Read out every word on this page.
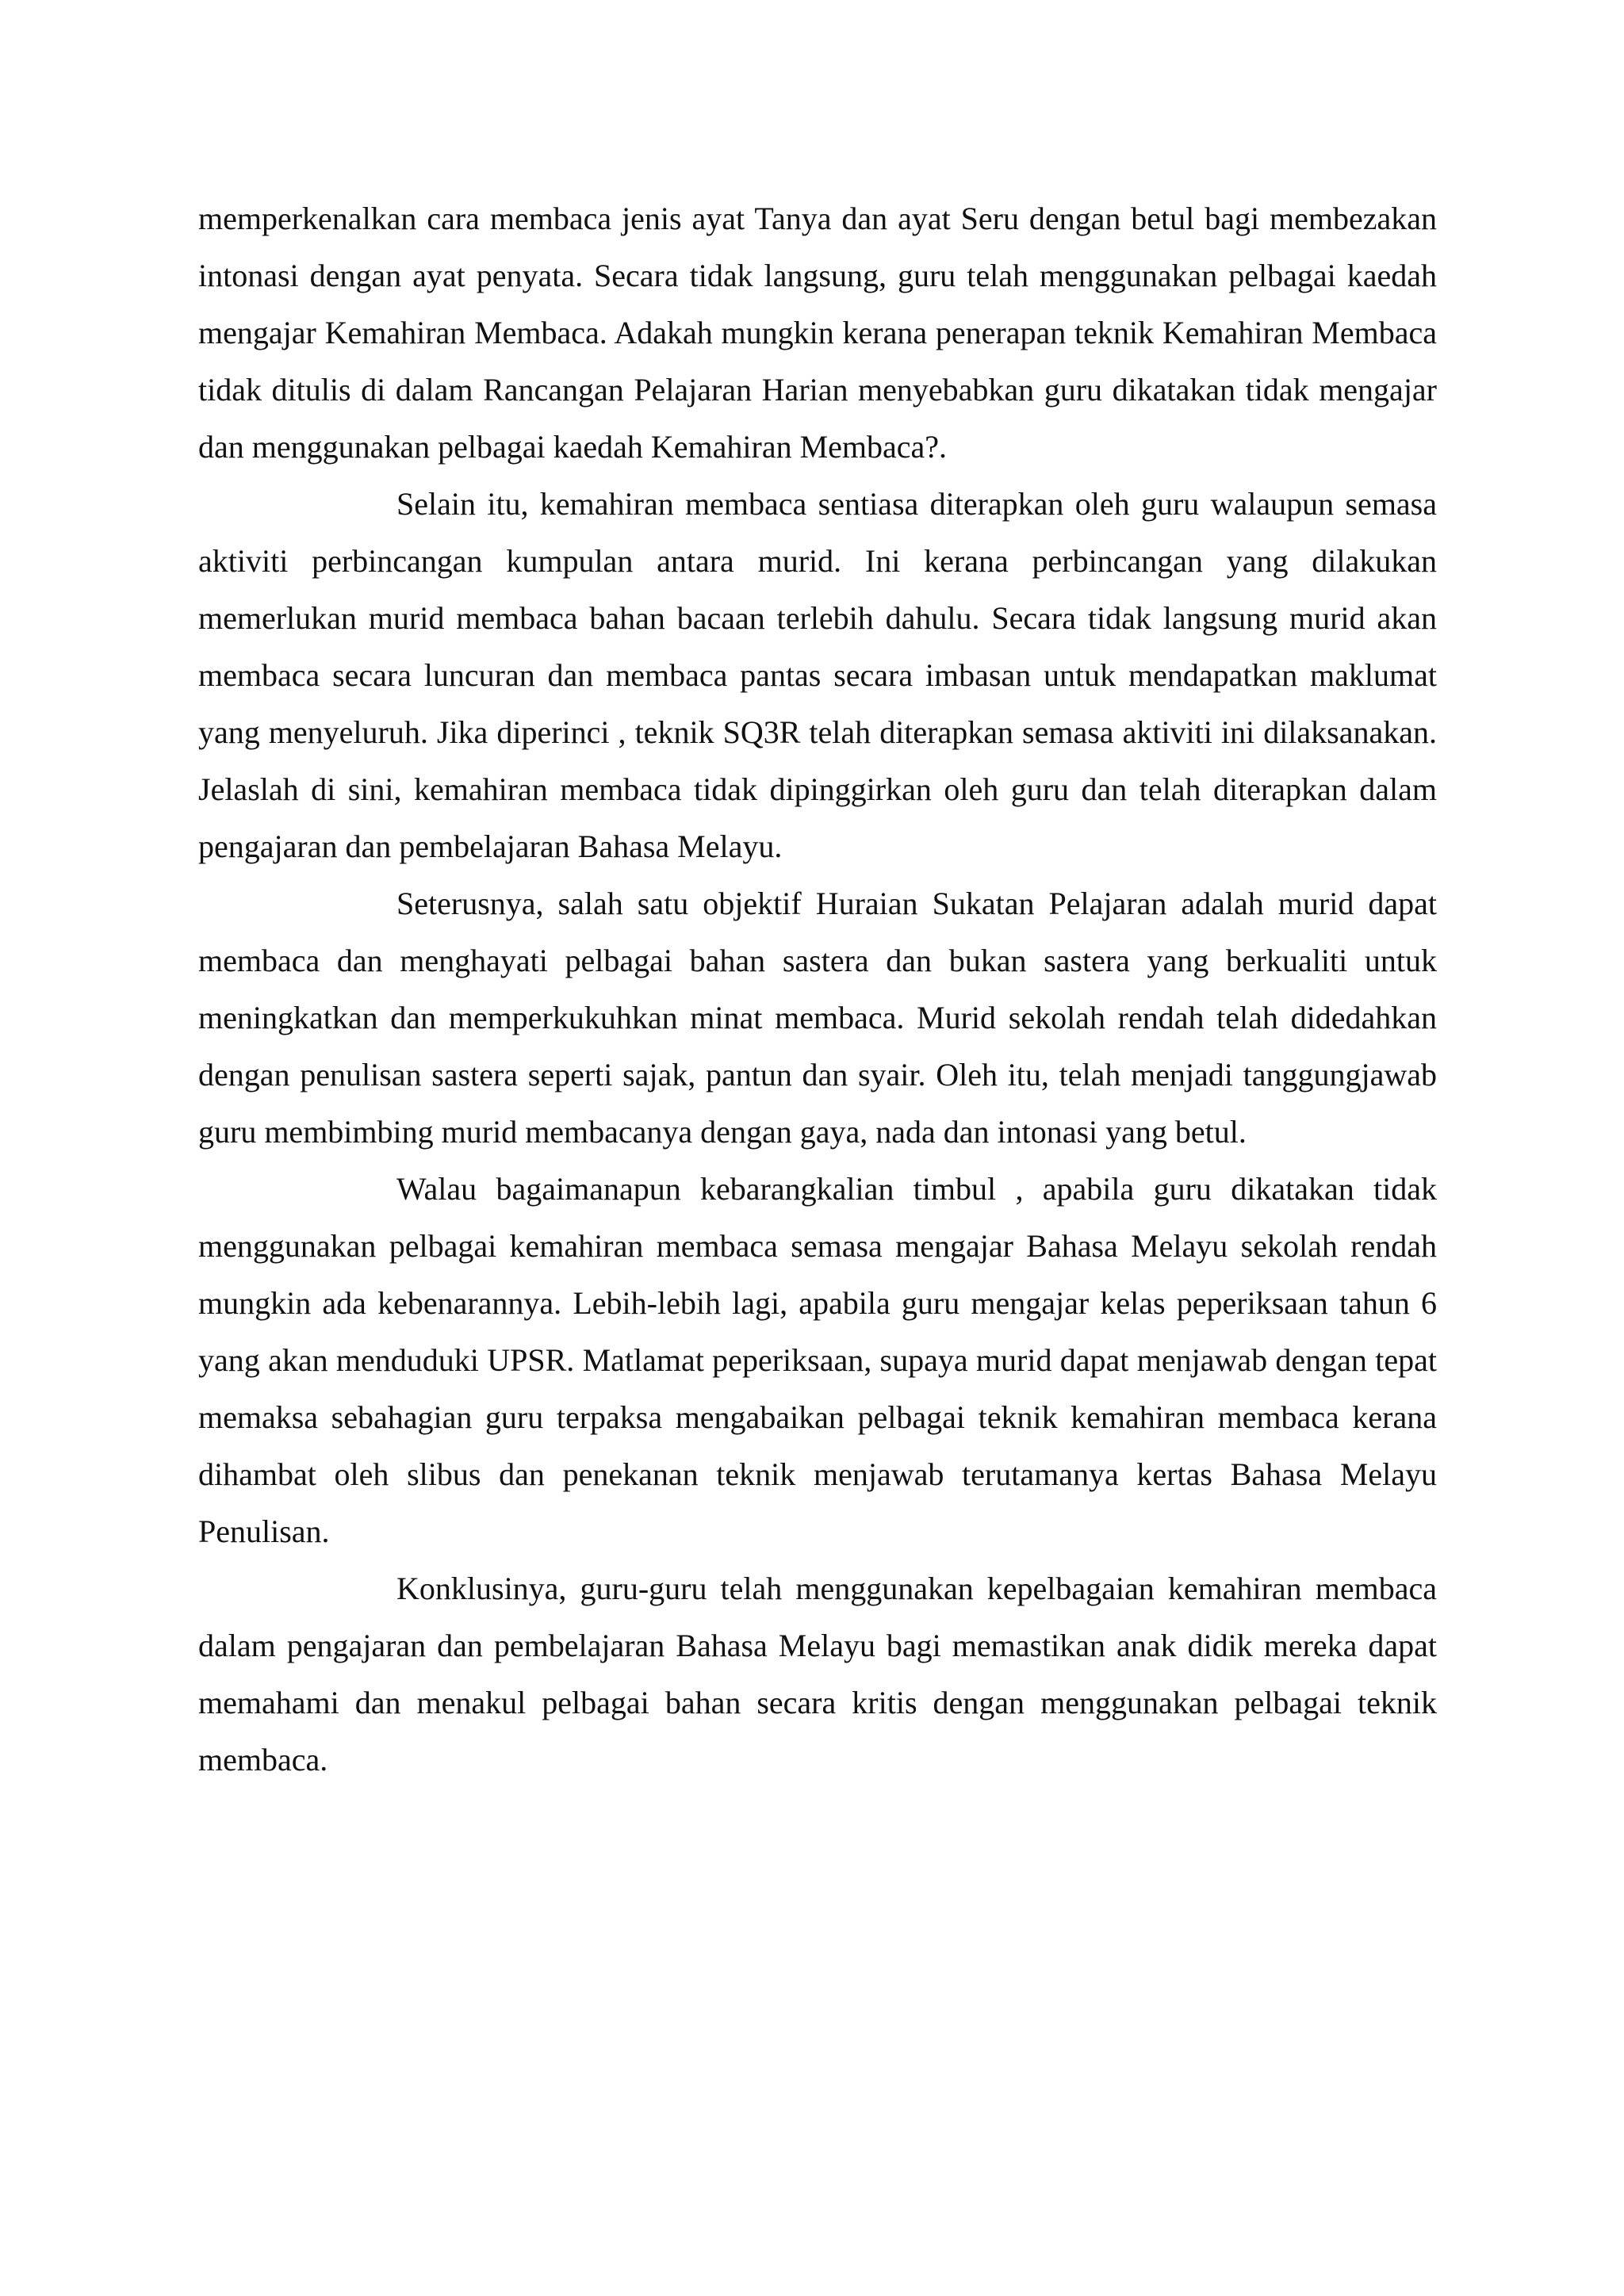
memperkenalkan cara membaca jenis ayat Tanya dan ayat Seru dengan betul bagi membezakan intonasi dengan ayat penyata. Secara tidak langsung, guru telah menggunakan pelbagai kaedah mengajar Kemahiran Membaca. Adakah mungkin kerana penerapan teknik Kemahiran Membaca tidak ditulis di dalam Rancangan Pelajaran Harian menyebabkan guru dikatakan tidak mengajar dan menggunakan pelbagai kaedah Kemahiran Membaca?.

Selain itu, kemahiran membaca sentiasa diterapkan oleh guru walaupun semasa aktiviti perbincangan kumpulan antara murid. Ini kerana perbincangan yang dilakukan memerlukan murid membaca bahan bacaan terlebih dahulu. Secara tidak langsung murid akan membaca secara luncuran dan membaca pantas secara imbasan untuk mendapatkan maklumat yang menyeluruh. Jika diperinci , teknik SQ3R telah diterapkan semasa aktiviti ini dilaksanakan. Jelaslah di sini, kemahiran membaca tidak dipinggirkan oleh guru dan telah diterapkan dalam pengajaran dan pembelajaran Bahasa Melayu.

Seterusnya, salah satu objektif Huraian Sukatan Pelajaran adalah murid dapat membaca dan menghayati pelbagai bahan sastera dan bukan sastera yang berkualiti untuk meningkatkan dan memperkukuhkan minat membaca. Murid sekolah rendah telah didedahkan dengan penulisan sastera seperti sajak, pantun dan syair. Oleh itu, telah menjadi tanggungjawab guru membimbing murid membacanya dengan gaya, nada dan intonasi yang betul.

Walau bagaimanapun kebarangkalian timbul , apabila guru dikatakan tidak menggunakan pelbagai kemahiran membaca semasa mengajar Bahasa Melayu sekolah rendah mungkin ada kebenarannya. Lebih-lebih lagi, apabila guru mengajar kelas peperiksaan tahun 6 yang akan menduduki UPSR. Matlamat peperiksaan, supaya murid dapat menjawab dengan tepat memaksa sebahagian guru terpaksa mengabaikan pelbagai teknik kemahiran membaca kerana dihambat oleh slibus dan penekanan teknik menjawab terutamanya kertas Bahasa Melayu Penulisan.

Konklusinya, guru-guru telah menggunakan kepelbagaian kemahiran membaca dalam pengajaran dan pembelajaran Bahasa Melayu bagi memastikan anak didik mereka dapat memahami dan menakul pelbagai bahan secara kritis dengan menggunakan pelbagai teknik membaca.
